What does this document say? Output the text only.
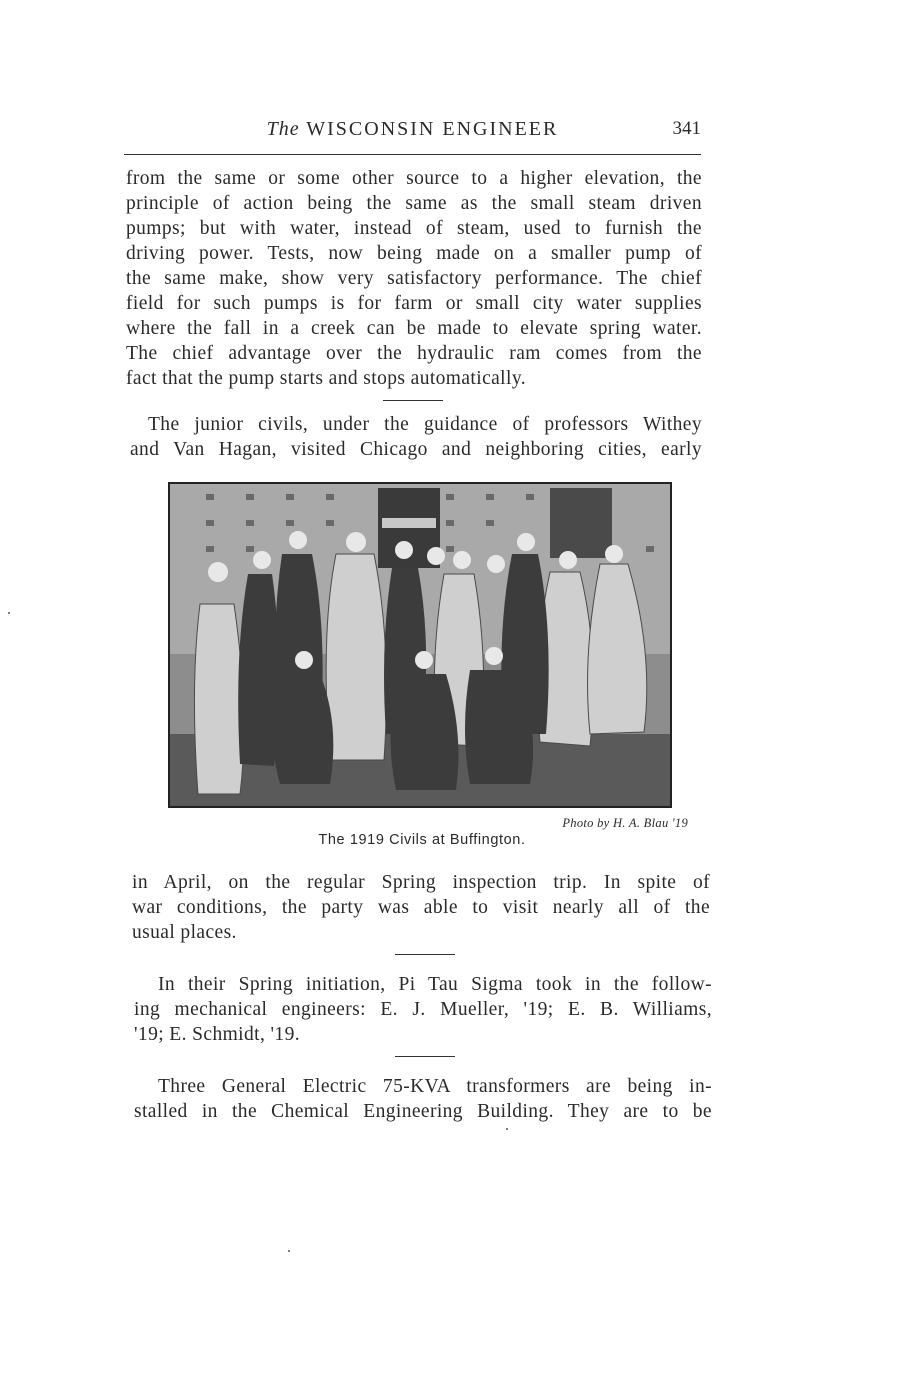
The WISCONSIN ENGINEER	341
from the same or some other source to a higher elevation, the
principle of action being the same as the small steam driven
pumps; but with water, instead of steam, used to furnish the
driving power. Tests, now being made on a smaller pump of
the same make, show very satisfactory performance. The chief
field for such pumps is for farm or small city water supplies
where the fall in a creek can be made to elevate spring water.
The chief advantage over the hydraulic ram comes from the
fact that the pump starts and stops automatically.
The junior civils, under the guidance of professors Withey
and Van Hagan, visited Chicago and neighboring cities, early
Photo by H. A. Blau '19
The 1919 Civils at Buffington.
in April, on the regular Spring inspection trip. In spite of
war conditions, the party was able to visit nearly all of the
usual places.
In their Spring initiation, Pi Tau Sigma took in the follow-
ing mechanical engineers: E. J. Mueller, '19; E. B. Williams,
'19; E. Schmidt, '19.
Three General Electric 75-KVA transformers are being in-
stalled in the Chemical Engineering Building. They are to be
